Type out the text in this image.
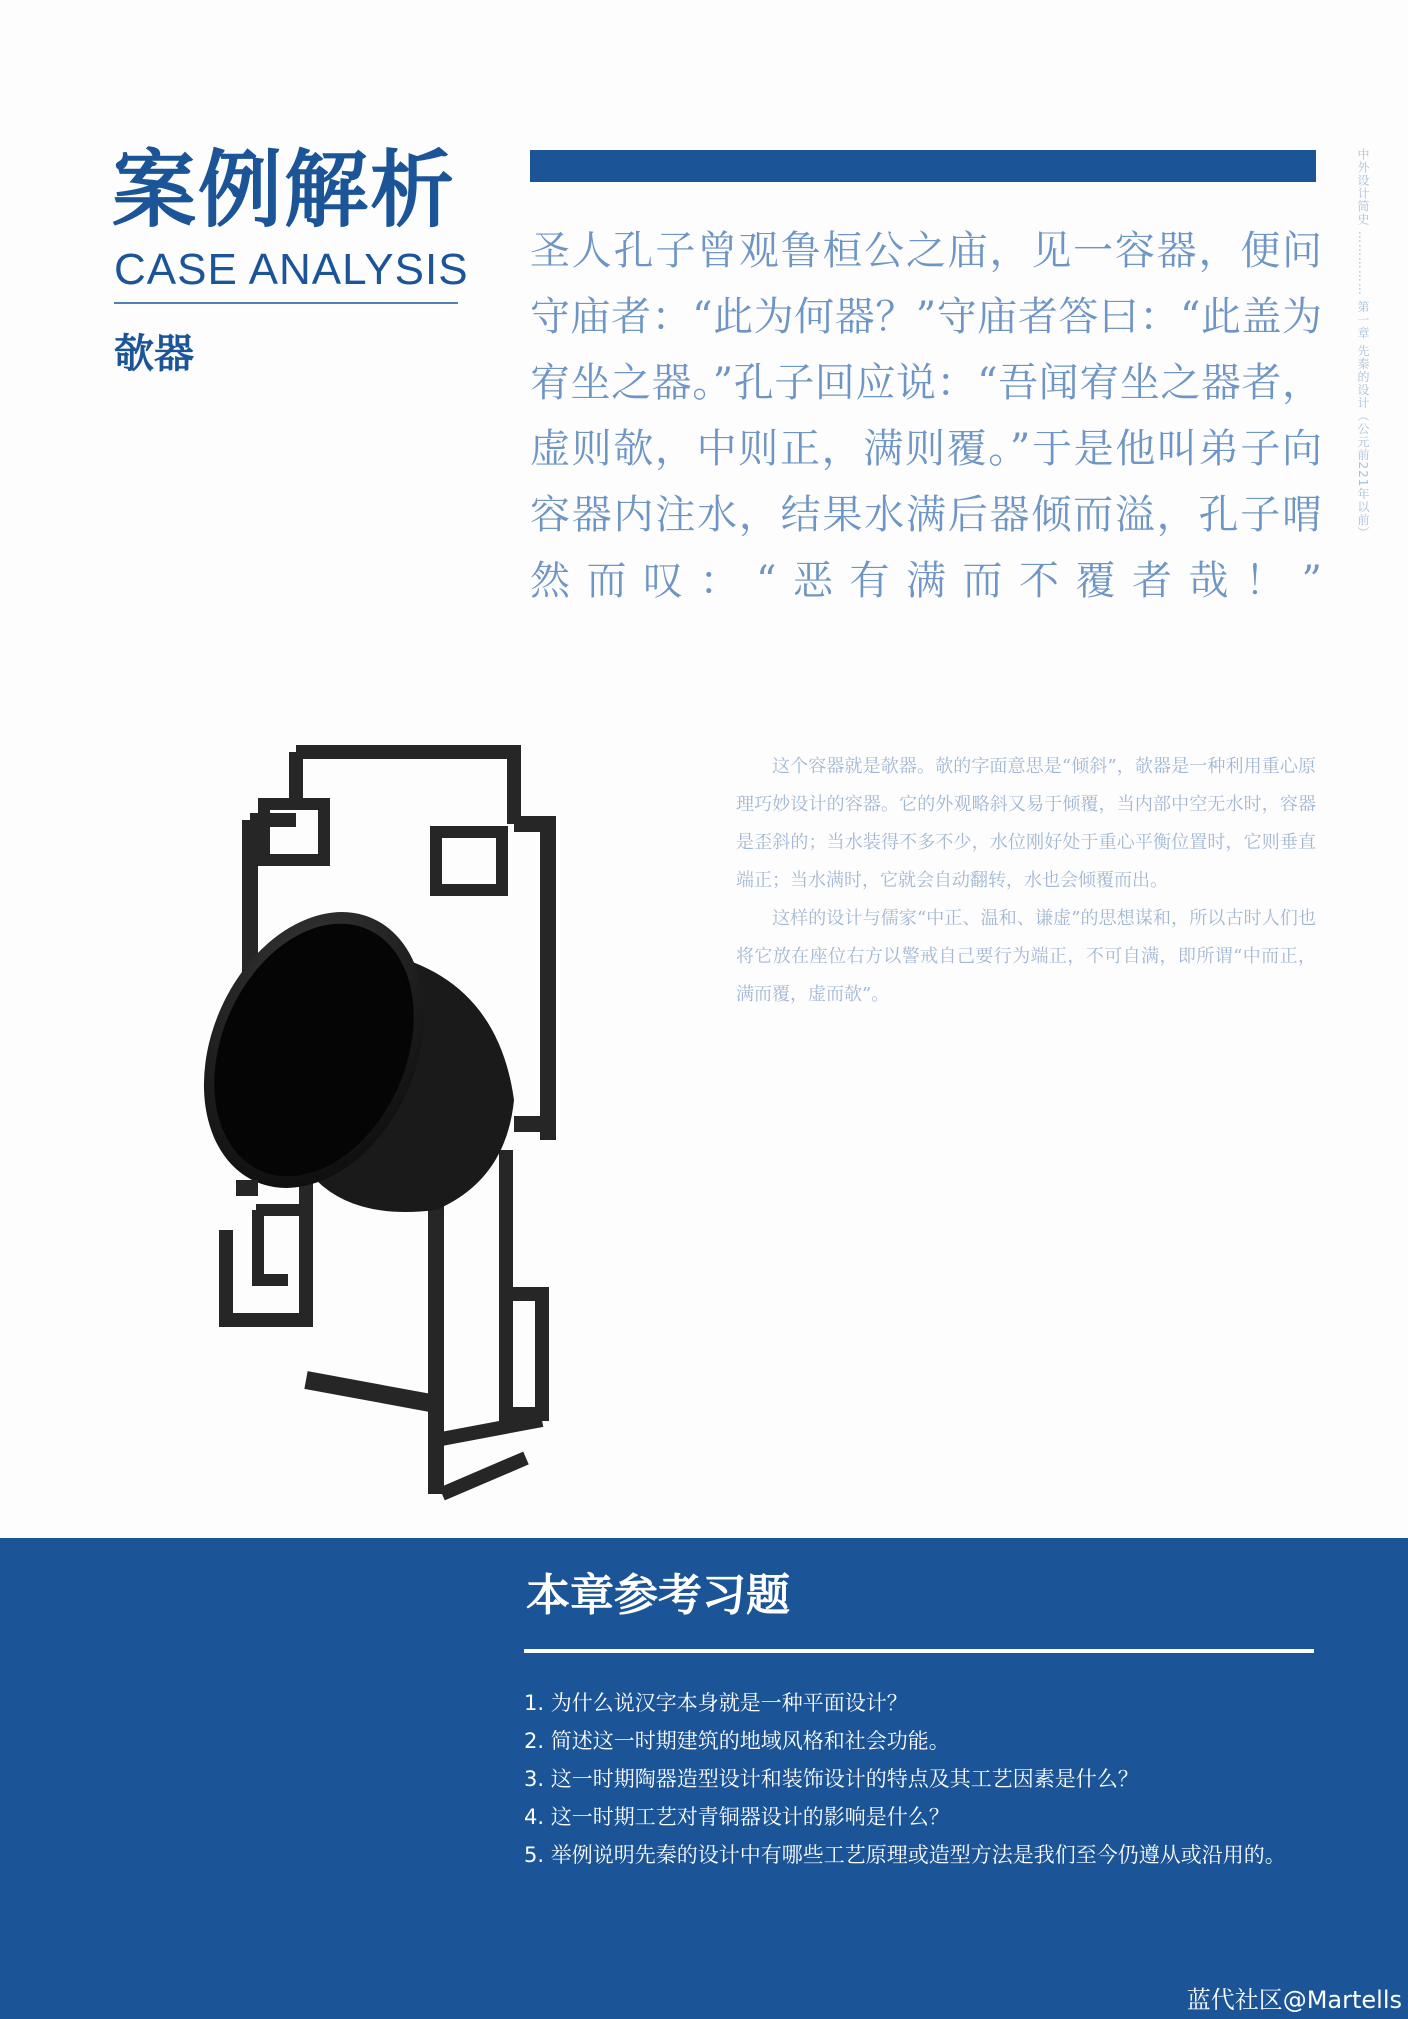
案例解析
CASE ANALYSIS
欹器

圣人孔子曾观鲁桓公之庙，见一容器，便问守庙者：“此为何器？”守庙者答曰：“此盖为宥坐之器。”孔子回应说：“吾闻宥坐之器者，虚则欹，中则正，满则覆。”于是他叫弟子向容器内注水，结果水满后器倾而溢，孔子喟然而叹：“恶有满而不覆者哉！”

中外设计简史 …………… 第一章 先秦的设计（公元前221年以前）

这个容器就是欹器。欹的字面意思是“倾斜”，欹器是一种利用重心原理巧妙设计的容器。它的外观略斜又易于倾覆，当内部中空无水时，容器是歪斜的；当水装得不多不少，水位刚好处于重心平衡位置时，它则垂直端正；当水满时，它就会自动翻转，水也会倾覆而出。

这样的设计与儒家“中正、温和、谦虚”的思想谋和，所以古时人们也将它放在座位右方以警戒自己要行为端正，不可自满，即所谓“中而正，满而覆，虚而欹”。

本章参考习题
1. 为什么说汉字本身就是一种平面设计？
2. 简述这一时期建筑的地域风格和社会功能。
3. 这一时期陶器造型设计和装饰设计的特点及其工艺因素是什么？
4. 这一时期工艺对青铜器设计的影响是什么？
5. 举例说明先秦的设计中有哪些工艺原理或造型方法是我们至今仍遵从或沿用的。
蓝代社区@Martells
